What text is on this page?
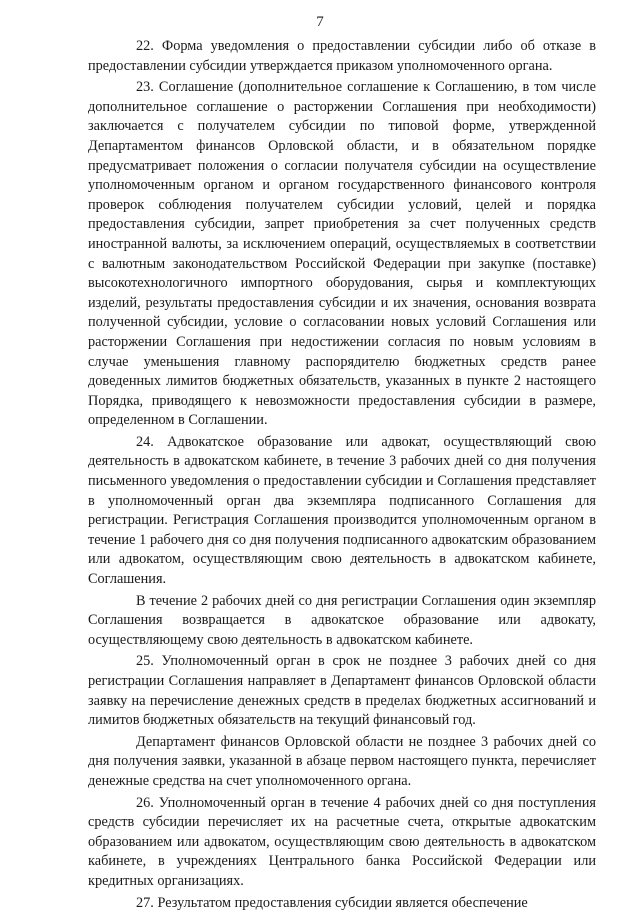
7

22. Форма уведомления о предоставлении субсидии либо об отказе в предоставлении субсидии утверждается приказом уполномоченного органа.

23. Соглашение (дополнительное соглашение к Соглашению, в том числе дополнительное соглашение о расторжении Соглашения при необходимости) заключается с получателем субсидии по типовой форме, утвержденной Департаментом финансов Орловской области, и в обязательном порядке предусматривает положения о согласии получателя субсидии на осуществление уполномоченным органом и органом государственного финансового контроля проверок соблюдения получателем субсидии условий, целей и порядка предоставления субсидии, запрет приобретения за счет полученных средств иностранной валюты, за исключением операций, осуществляемых в соответствии с валютным законодательством Российской Федерации при закупке (поставке) высокотехнологичного импортного оборудования, сырья и комплектующих изделий, результаты предоставления субсидии и их значения, основания возврата полученной субсидии, условие о согласовании новых условий Соглашения или расторжении Соглашения при недостижении согласия по новым условиям в случае уменьшения главному распорядителю бюджетных средств ранее доведенных лимитов бюджетных обязательств, указанных в пункте 2 настоящего Порядка, приводящего к невозможности предоставления субсидии в размере, определенном в Соглашении.

24. Адвокатское образование или адвокат, осуществляющий свою деятельность в адвокатском кабинете, в течение 3 рабочих дней со дня получения письменного уведомления о предоставлении субсидии и Соглашения представляет в уполномоченный орган два экземпляра подписанного Соглашения для регистрации. Регистрация Соглашения производится уполномоченным органом в течение 1 рабочего дня со дня получения подписанного адвокатским образованием или адвокатом, осуществляющим свою деятельность в адвокатском кабинете, Соглашения.

В течение 2 рабочих дней со дня регистрации Соглашения один экземпляр Соглашения возвращается в адвокатское образование или адвокату, осуществляющему свою деятельность в адвокатском кабинете.

25. Уполномоченный орган в срок не позднее 3 рабочих дней со дня регистрации Соглашения направляет в Департамент финансов Орловской области заявку на перечисление денежных средств в пределах бюджетных ассигнований и лимитов бюджетных обязательств на текущий финансовый год.

Департамент финансов Орловской области не позднее 3 рабочих дней со дня получения заявки, указанной в абзаце первом настоящего пункта, перечисляет денежные средства на счет уполномоченного органа.

26. Уполномоченный орган в течение 4 рабочих дней со дня поступления средств субсидии перечисляет их на расчетные счета, открытые адвокатским образованием или адвокатом, осуществляющим свою деятельность в адвокатском кабинете, в учреждениях Центрального банка Российской Федерации или кредитных организациях.

27. Результатом предоставления субсидии является обеспечение
